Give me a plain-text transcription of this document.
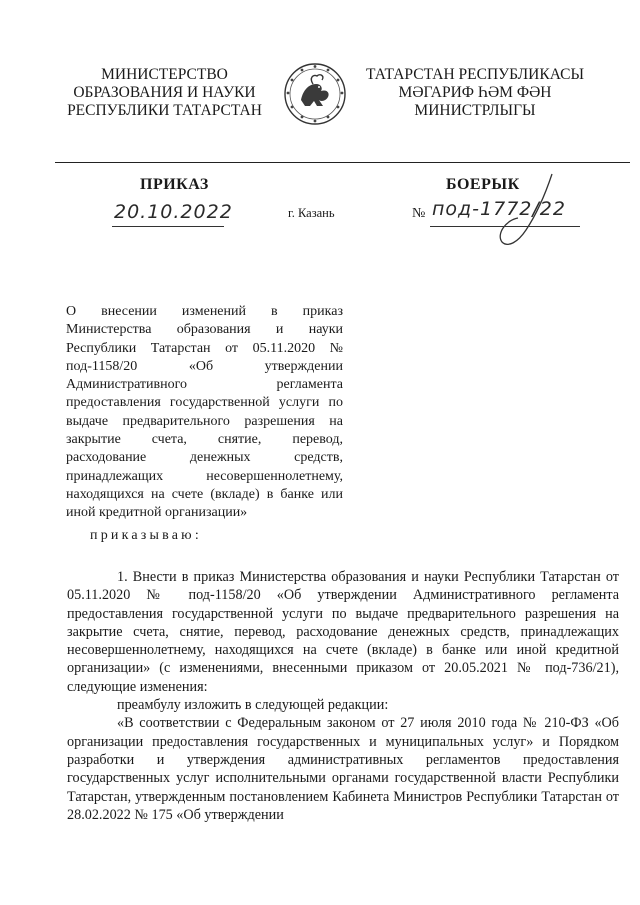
МИНИСТЕРСТВО
ОБРАЗОВАНИЯ И НАУКИ
РЕСПУБЛИКИ ТАТАРСТАН
ТАТАРСТАН РЕСПУБЛИКАСЫ
МӘГАРИФ ҺӘМ ФӘН
МИНИСТРЛЫГЫ
ПРИКАЗ	БОЕРЫК
20.10.2022	г. Казань	№ под-1772/22
О внесении изменений в приказ Министерства образования и науки Республики Татарстан от 05.11.2020 № под-1158/20 «Об утверждении Административного регламента предоставления государственной услуги по выдаче предварительного разрешения на закрытие счета, снятие, перевод, расходование денежных средств, принадлежащих несовершеннолетнему, находящихся на счете (вкладе) в банке или иной кредитной организации»
приказываю:

1. Внести в приказ Министерства образования и науки Республики Татарстан от 05.11.2020 № под-1158/20 «Об утверждении Административного регламента предоставления государственной услуги по выдаче предварительного разрешения на закрытие счета, снятие, перевод, расходование денежных средств, принадлежащих несовершеннолетнему, находящихся на счете (вкладе) в банке или иной кредитной организации» (с изменениями, внесенными приказом от 20.05.2021 № под-736/21), следующие изменения:

преамбулу изложить в следующей редакции:

«В соответствии с Федеральным законом от 27 июля 2010 года № 210-ФЗ «Об организации предоставления государственных и муниципальных услуг» и Порядком разработки и утверждения административных регламентов предоставления государственных услуг исполнительными органами государственной власти Республики Татарстан, утвержденным постановлением Кабинета Министров Республики Татарстан от 28.02.2022 № 175 «Об утверждении
